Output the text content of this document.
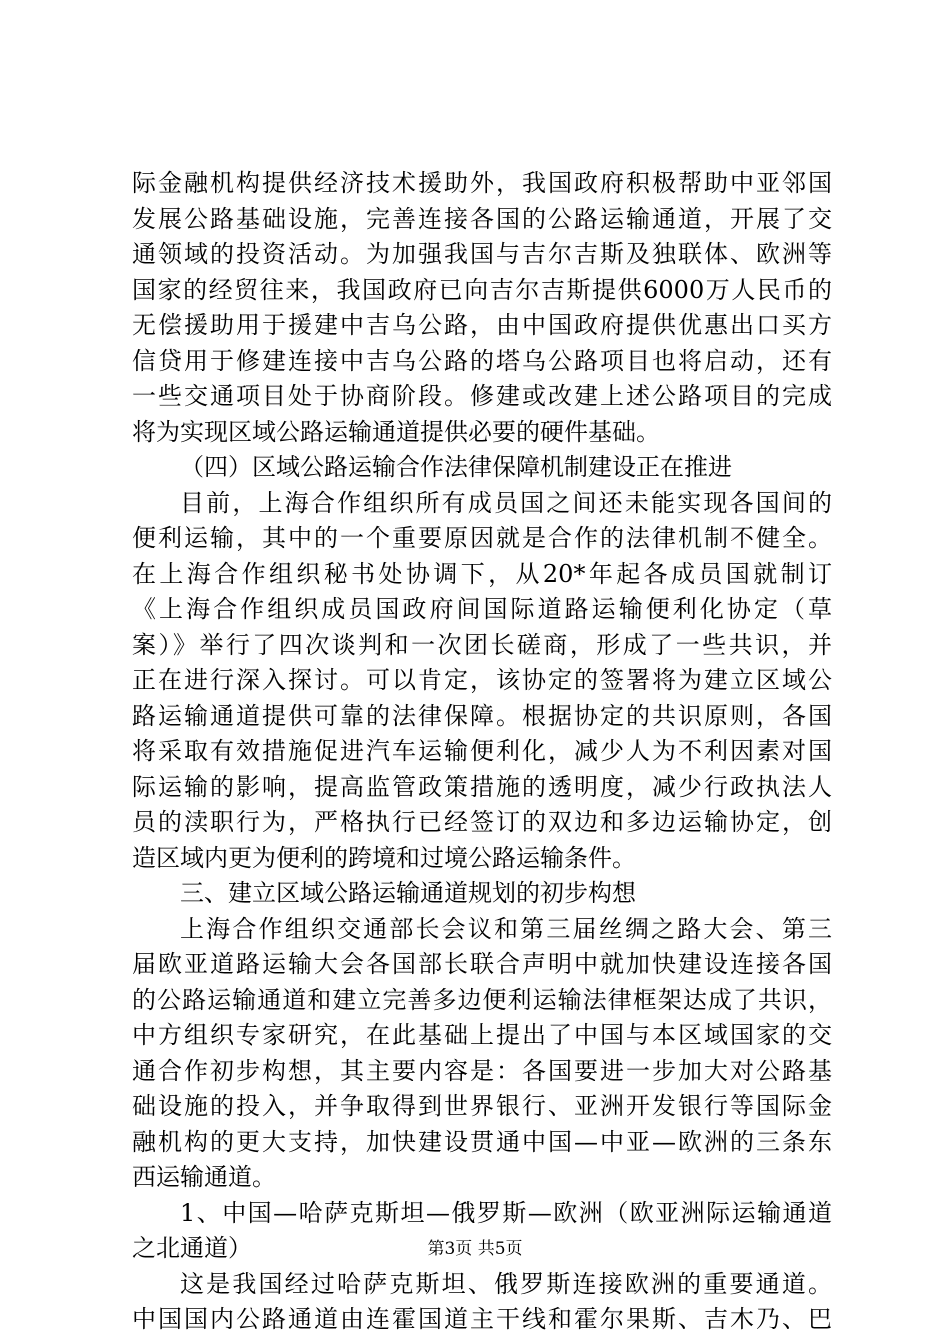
际金融机构提供经济技术援助外，我国政府积极帮助中亚邻国
发展公路基础设施，完善连接各国的公路运输通道，开展了交
通领域的投资活动。为加强我国与吉尔吉斯及独联体、欧洲等
国家的经贸往来，我国政府已向吉尔吉斯提供6000万人民币的
无偿援助用于援建中吉乌公路，由中国政府提供优惠出口买方
信贷用于修建连接中吉乌公路的塔乌公路项目也将启动，还有
一些交通项目处于协商阶段。修建或改建上述公路项目的完成
将为实现区域公路运输通道提供必要的硬件基础。
（四）区域公路运输合作法律保障机制建设正在推进
目前，上海合作组织所有成员国之间还未能实现各国间的
便利运输，其中的一个重要原因就是合作的法律机制不健全。
在上海合作组织秘书处协调下，从20*年起各成员国就制订
《上海合作组织成员国政府间国际道路运输便利化协定（草
案）》举行了四次谈判和一次团长磋商，形成了一些共识，并
正在进行深入探讨。可以肯定，该协定的签署将为建立区域公
路运输通道提供可靠的法律保障。根据协定的共识原则，各国
将采取有效措施促进汽车运输便利化，减少人为不利因素对国
际运输的影响，提高监管政策措施的透明度，减少行政执法人
员的渎职行为，严格执行已经签订的双边和多边运输协定，创
造区域内更为便利的跨境和过境公路运输条件。
三、建立区域公路运输通道规划的初步构想
上海合作组织交通部长会议和第三届丝绸之路大会、第三
届欧亚道路运输大会各国部长联合声明中就加快建设连接各国
的公路运输通道和建立完善多边便利运输法律框架达成了共识，
中方组织专家研究，在此基础上提出了中国与本区域国家的交
通合作初步构想，其主要内容是：各国要进一步加大对公路基
础设施的投入，并争取得到世界银行、亚洲开发银行等国际金
融机构的更大支持，加快建设贯通中国—中亚—欧洲的三条东
西运输通道。
1、中国—哈萨克斯坦—俄罗斯—欧洲（欧亚洲际运输通道
之北通道）
这是我国经过哈萨克斯坦、俄罗斯连接欧洲的重要通道。
中国国内公路通道由连霍国道主干线和霍尔果斯、吉木乃、巴
第3页 共5页
